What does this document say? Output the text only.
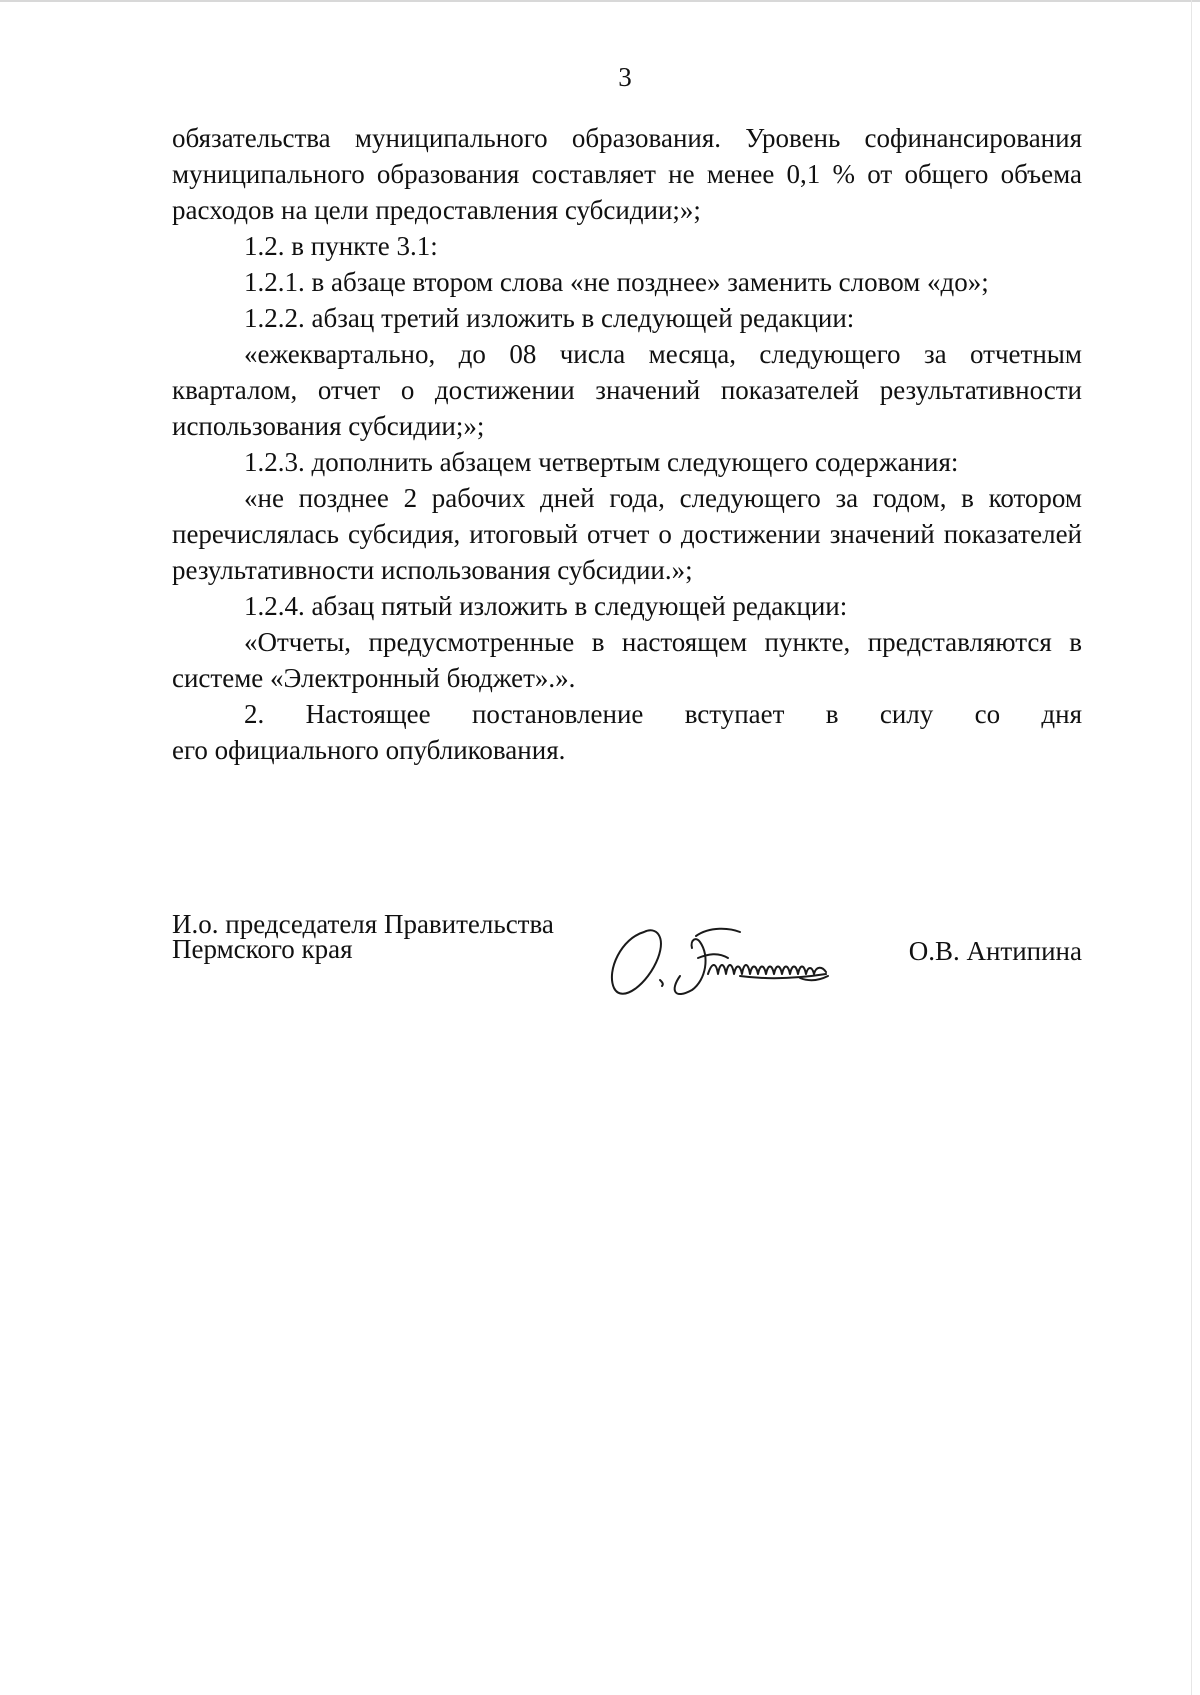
3

обязательства муниципального образования. Уровень софинансирования муниципального образования составляет не менее 0,1 % от общего объема расходов на цели предоставления субсидии;»;

1.2. в пункте 3.1:

1.2.1. в абзаце втором слова «не позднее» заменить словом «до»;

1.2.2. абзац третий изложить в следующей редакции:

«ежеквартально, до 08 числа месяца, следующего за отчетным кварталом, отчет о достижении значений показателей результативности использования субсидии;»;

1.2.3. дополнить абзацем четвертым следующего содержания:

«не позднее 2 рабочих дней года, следующего за годом, в котором перечислялась субсидия, итоговый отчет о достижении значений показателей результативности использования субсидии.»;

1.2.4. абзац пятый изложить в следующей редакции:

«Отчеты, предусмотренные в настоящем пункте, представляются в системе «Электронный бюджет».».

2. Настоящее постановление вступает в силу со дня

его официального опубликования.

И.о. председателя Правительства
Пермского края	О.В. Антипина
